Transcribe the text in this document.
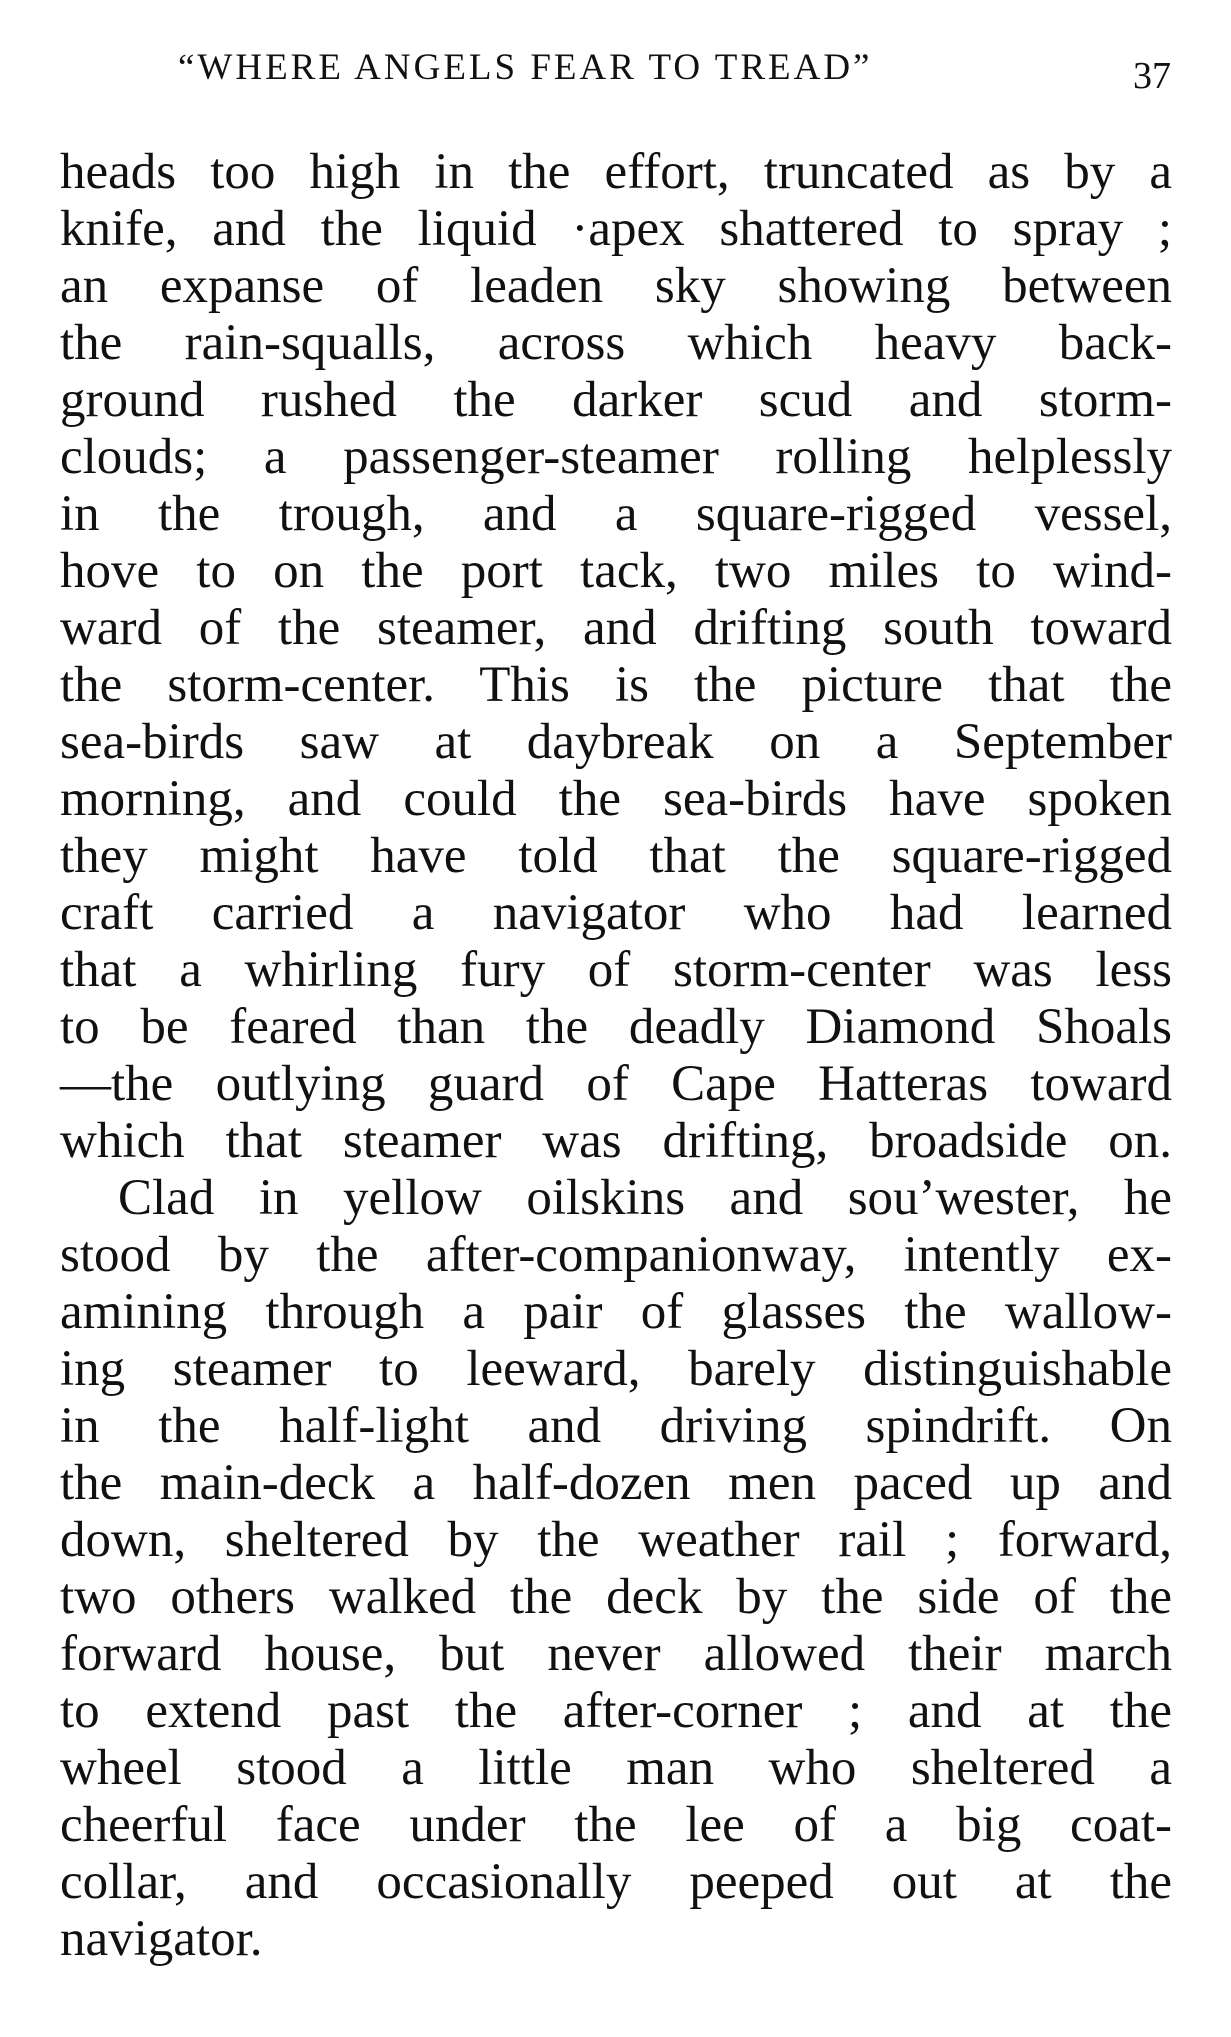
“WHERE ANGELS FEAR TO TREAD”	37
heads too high in the effort, truncated as by a
knife, and the liquid ·apex shattered to spray ;
an expanse of leaden sky showing between
the rain-squalls, across which heavy back-
ground rushed the darker scud and storm-
clouds; a passenger-steamer rolling helplessly
in the trough, and a square-rigged vessel,
hove to on the port tack, two miles to wind-
ward of the steamer, and drifting south toward
the storm-center. This is the picture that the
sea-birds saw at daybreak on a September
morning, and could the sea-birds have spoken
they might have told that the square-rigged
craft carried a navigator who had learned
that a whirling fury of storm-center was less
to be feared than the deadly Diamond Shoals
—the outlying guard of Cape Hatteras toward
which that steamer was drifting, broadside on.
Clad in yellow oilskins and sou’wester, he
stood by the after-companionway, intently ex-
amining through a pair of glasses the wallow-
ing steamer to leeward, barely distinguishable
in the half-light and driving spindrift. On
the main-deck a half-dozen men paced up and
down, sheltered by the weather rail ; forward,
two others walked the deck by the side of the
forward house, but never allowed their march
to extend past the after-corner ; and at the
wheel stood a little man who sheltered a
cheerful face under the lee of a big coat-
collar, and occasionally peeped out at the
navigator.
